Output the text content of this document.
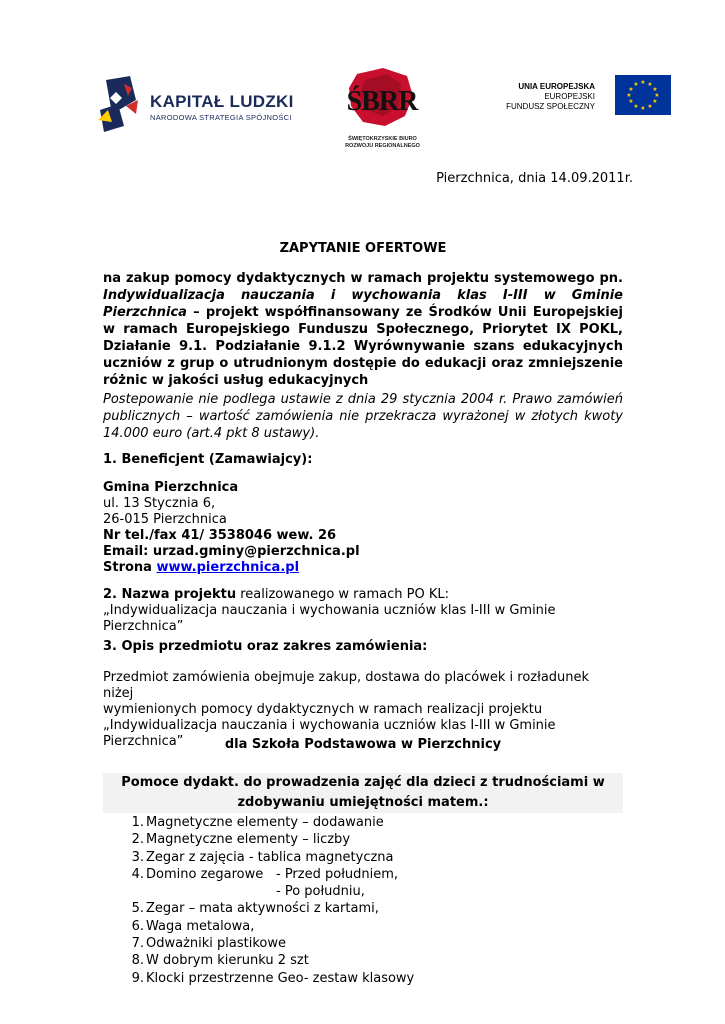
KAPITAŁ LUDZKI
NARODOWA STRATEGIA SPÓJNOŚCI
ŚBRR
ŚWIĘTOKRZYSKIE BIURO
ROZWOJU REGIONALNEGO
UNIA EUROPEJSKA
EUROPEJSKI
FUNDUSZ SPOŁECZNY
★ ★
★
★
★
★
★
★
★
★
★
★
Pierzchnica, dnia 14.09.2011r.
ZAPYTANIE OFERTOWE
na zakup pomocy dydaktycznych w ramach projektu systemowego pn. Indywidualizacja nauczania i wychowania klas I-III w Gminie Pierzchnica – projekt współfinansowany ze Środków Unii Europejskiej w ramach Europejskiego Funduszu Społecznego, Priorytet IX POKL, Działanie 9.1. Podziałanie 9.1.2 Wyrównywanie szans edukacyjnych uczniów z grup o utrudnionym dostępie do edukacji oraz zmniejszenie różnic w jakości usług edukacyjnych
Postepowanie nie podlega ustawie z dnia 29 stycznia 2004 r. Prawo zamówień publicznych – wartość zamówienia nie przekracza wyrażonej w złotych kwoty 14.000 euro (art.4 pkt 8 ustawy).
1. Beneficjent (Zamawiajcy):
Gmina Pierzchnica
ul. 13 Stycznia 6,
26-015 Pierzchnica
Nr tel./fax 41/ 3538046 wew. 26
Email: urzad.gminy@pierzchnica.pl
Strona www.pierzchnica.pl
2. Nazwa projektu realizowanego w ramach PO KL:
„Indywidualizacja nauczania i wychowania uczniów klas I-III w Gminie Pierzchnica”
3. Opis przedmiotu oraz zakres zamówienia:
Przedmiot zamówienia obejmuje zakup, dostawa do placówek i rozładunek niżej
wymienionych pomocy dydaktycznych w ramach realizacji projektu
„Indywidualizacja nauczania i wychowania uczniów klas I-III w Gminie Pierzchnica”	dla Szkoła Podstawowa w Pierzchnicy
Pomoce dydakt. do prowadzenia zajęć dla dzieci z trudnościami w
zdobywaniu umiejętności matem.:
1. Magnetyczne elementy – dodawanie
2. Magnetyczne elementy – liczby
3. Zegar z zajęcia - tablica magnetyczna
4. Domino zegarowe - Przed południem,
- Po południu,
5. Zegar – mata aktywności z kartami,
6. Waga metalowa,
7. Odważniki plastikowe
8. W dobrym kierunku 2 szt
9. Klocki przestrzenne Geo- zestaw klasowy
